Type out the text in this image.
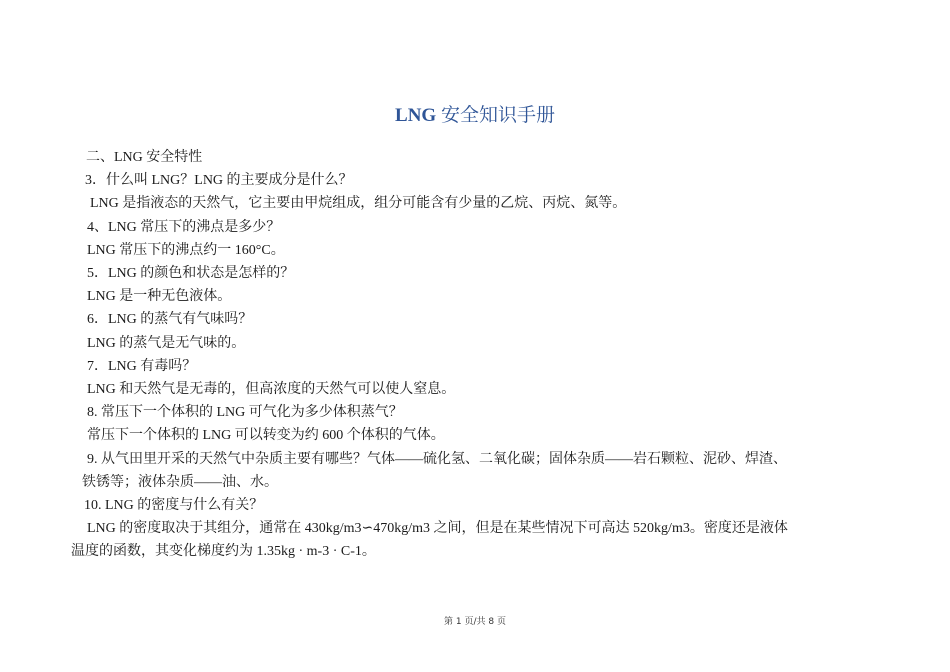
LNG 安全知识手册
二、LNG 安全特性
3．什么叫 LNG？LNG 的主要成分是什么？
LNG 是指液态的天然气，它主要由甲烷组成，组分可能含有少量的乙烷、丙烷、氮等。
4、LNG 常压下的沸点是多少？
LNG 常压下的沸点约一 160°C。
5．LNG 的颜色和状态是怎样的？
LNG 是一种无色液体。
6．LNG 的蒸气有气味吗？
LNG 的蒸气是无气味的。
7．LNG 有毒吗？
LNG 和天然气是无毒的，但高浓度的天然气可以使人窒息。
8. 常压下一个体积的 LNG 可气化为多少体积蒸气？
常压下一个体积的 LNG 可以转变为约 600 个体积的气体。
9. 从气田里开采的天然气中杂质主要有哪些？气体——硫化氢、二氧化碳；固体杂质——岩石颗粒、泥砂、焊渣、
铁锈等；液体杂质——油、水。
10. LNG 的密度与什么有关？
LNG 的密度取决于其组分，通常在 430kg/m3∽470kg/m3 之间，但是在某些情况下可高达 520kg/m3。密度还是液体
温度的函数，其变化梯度约为 1.35kg · m-3 · C-1。
第 1 页/共 8 页
